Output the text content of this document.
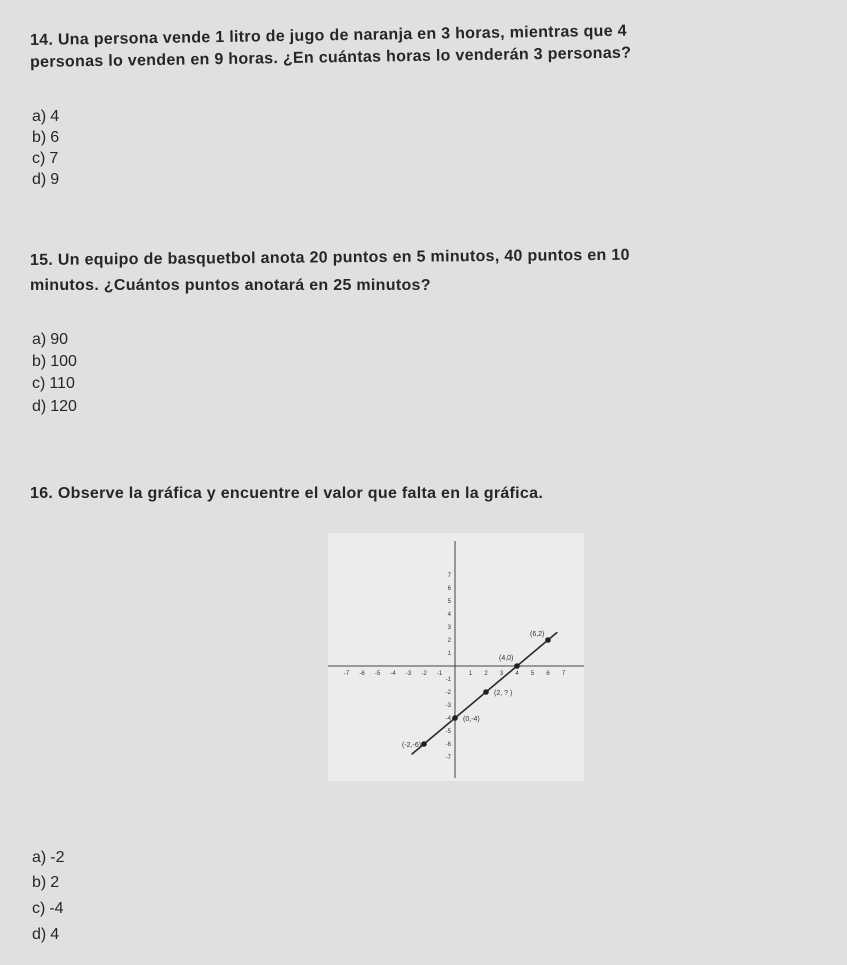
14. Una persona vende 1 litro de jugo de naranja en 3 horas, mientras que 4
personas lo venden en 9 horas. ¿En cuántas horas lo venderán 3 personas?
a) 4
b) 6
c) 7
d) 9
15. Un equipo de basquetbol anota 20 puntos en 5 minutos, 40 puntos en 10
minutos. ¿Cuántos puntos anotará en 25 minutos?
a) 90
b) 100
c) 110
d) 120
16. Observe la gráfica y encuentre el valor que falta en la gráfica.
-7 -6 -5 -4 -3 -2 -1	1 2 3 4 5 6 7
7
6
5
4
3
2
1
-1
-2
-3
-4
-5
-6
-7
(6,2)
(4,0)
(2, ? )
(0,-4)
(-2,-6)
a) -2
b) 2
c) -4
d) 4
